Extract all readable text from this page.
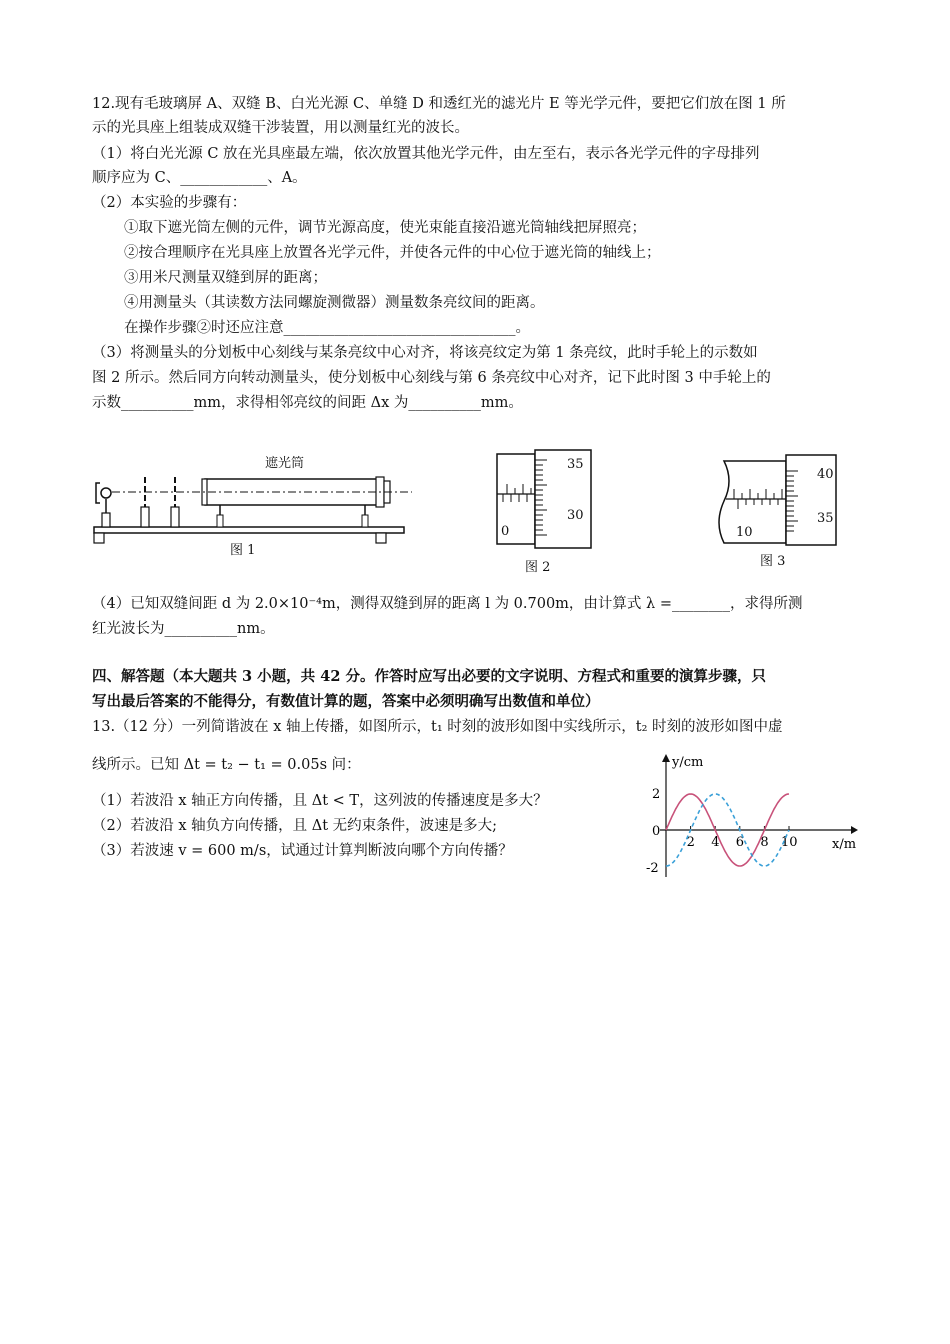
12.现有毛玻璃屏 A、双缝 B、白光光源 C、单缝 D 和透红光的滤光片 E 等光学元件，要把它们放在图 1 所
示的光具座上组装成双缝干涉装置，用以测量红光的波长。
（1）将白光光源 C 放在光具座最左端，依次放置其他光学元件，由左至右，表示各光学元件的字母排列
顺序应为 C、____________、A。
（2）本实验的步骤有：
①取下遮光筒左侧的元件，调节光源高度，使光束能直接沿遮光筒轴线把屏照亮；
②按合理顺序在光具座上放置各光学元件，并使各元件的中心位于遮光筒的轴线上；
③用米尺测量双缝到屏的距离；
④用测量头（其读数方法同螺旋测微器）测量数条亮纹间的距离。
在操作步骤②时还应注意________________________________。
（3）将测量头的分划板中心刻线与某条亮纹中心对齐，将该亮纹定为第 1 条亮纹，此时手轮上的示数如
图 2 所示。然后同方向转动测量头，使分划板中心刻线与第 6 条亮纹中心对齐，记下此时图 3 中手轮上的
示数__________mm，求得相邻亮纹的间距 Δx 为__________mm。
遮光筒
图 1
35
30
0
图 2
40
35
10
图 3
（4）已知双缝间距 d 为 2.0×10⁻⁴m，测得双缝到屏的距离 l 为 0.700m，由计算式 λ =________，求得所测
红光波长为__________nm。
四、解答题（本大题共 3 小题，共 42 分。作答时应写出必要的文字说明、方程式和重要的演算步骤，只
写出最后答案的不能得分，有数值计算的题，答案中必须明确写出数值和单位）
13.（12 分）一列简谐波在 x 轴上传播，如图所示，t₁ 时刻的波形如图中实线所示，t₂ 时刻的波形如图中虚
线所示。已知 Δt = t₂ − t₁ = 0.05s 问：
（1）若波沿 x 轴正方向传播，且 Δt < T，这列波的传播速度是多大？
（2）若波沿 x 轴负方向传播，且 Δt 无约束条件，波速是多大;
（3）若波速 v = 600 m/s，试通过计算判断波向哪个方向传播？
2 4 6 8 10
y/cm
x/m
2
0
-2
